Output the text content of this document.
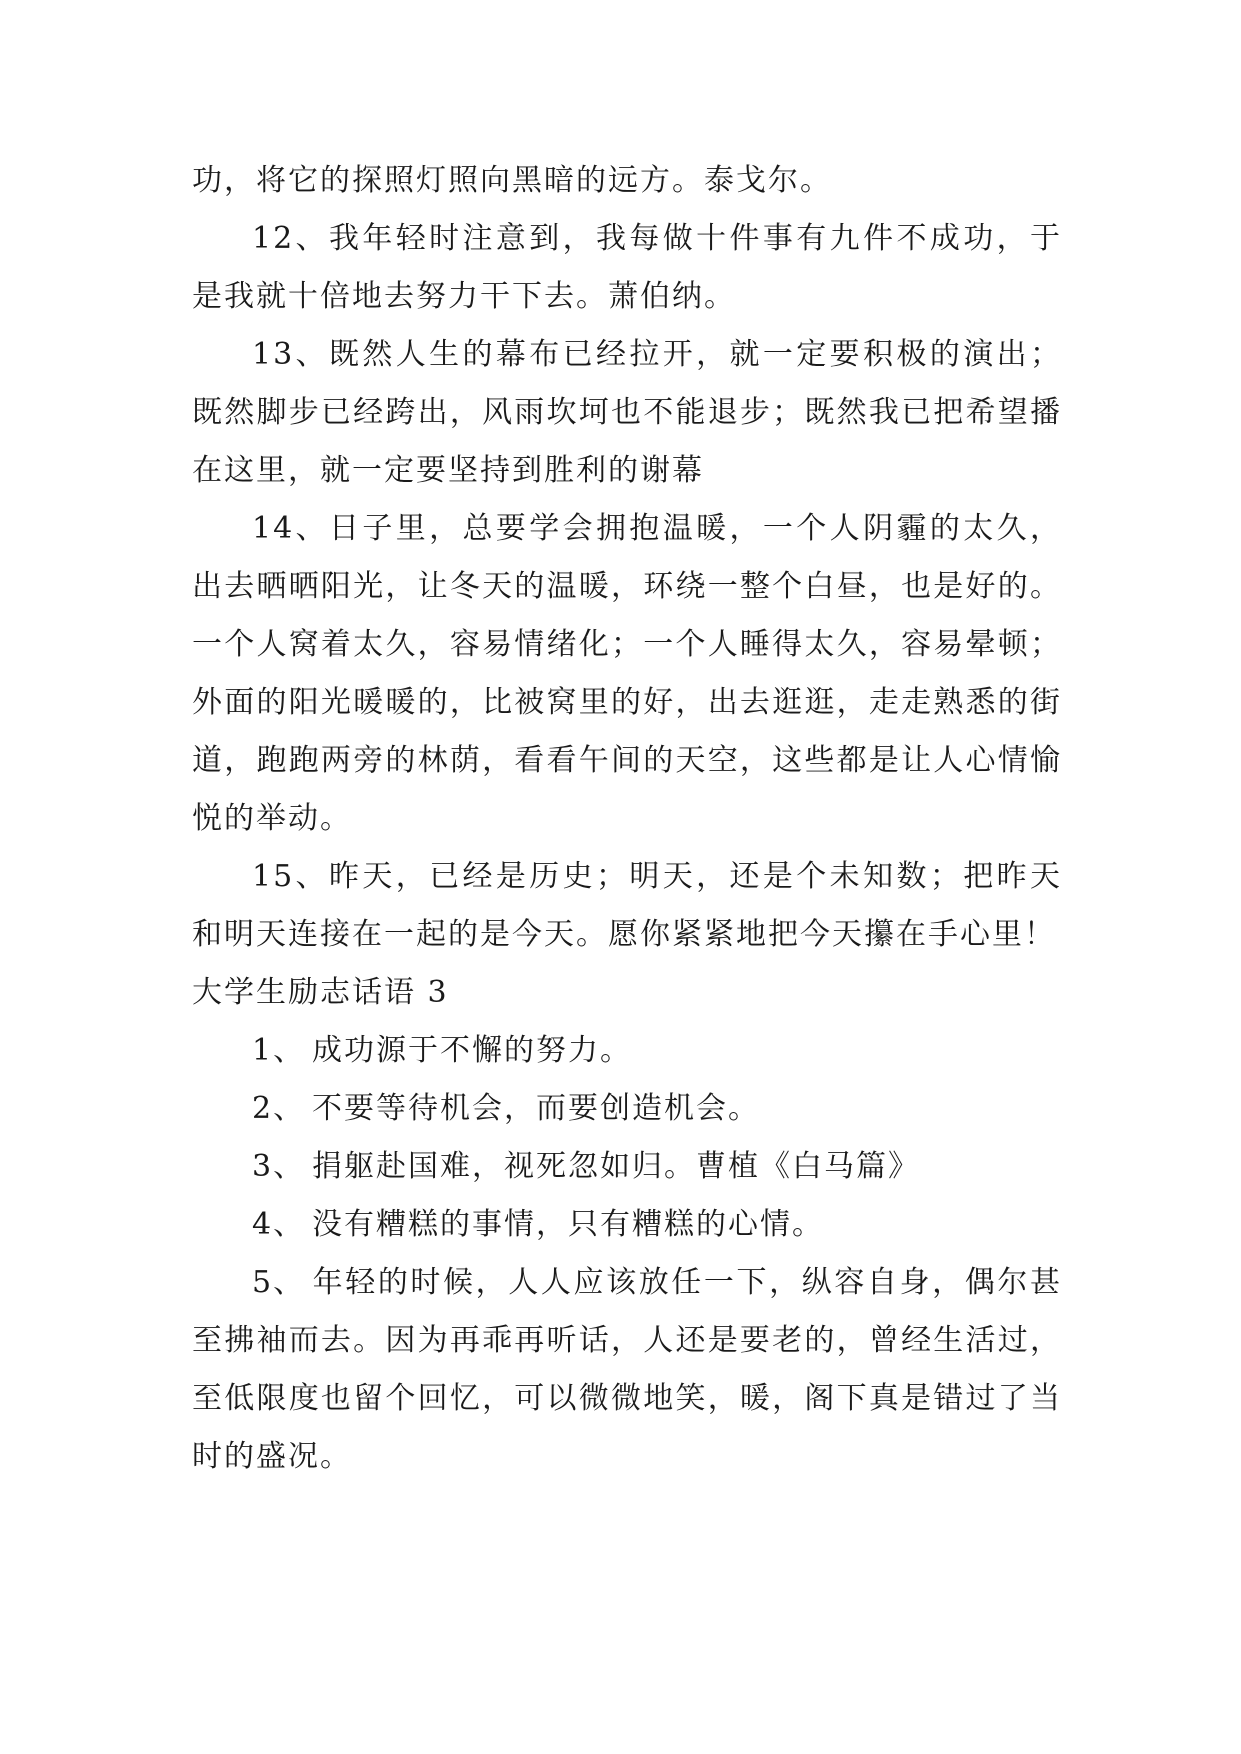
功，将它的探照灯照向黑暗的远方。泰戈尔。

12、我年轻时注意到，我每做十件事有九件不成功，于是我就十倍地去努力干下去。萧伯纳。

13、既然人生的幕布已经拉开，就一定要积极的演出；既然脚步已经跨出，风雨坎坷也不能退步；既然我已把希望播在这里，就一定要坚持到胜利的谢幕

14、日子里，总要学会拥抱温暖，一个人阴霾的太久，出去晒晒阳光，让冬天的温暖，环绕一整个白昼，也是好的。一个人窝着太久，容易情绪化；一个人睡得太久，容易晕顿；外面的阳光暖暖的，比被窝里的好，出去逛逛，走走熟悉的街道，跑跑两旁的林荫，看看午间的天空，这些都是让人心情愉悦的举动。

15、昨天，已经是历史；明天，还是个未知数；把昨天和明天连接在一起的是今天。愿你紧紧地把今天攥在手心里！

大学生励志话语 3

1、 成功源于不懈的努力。

2、 不要等待机会，而要创造机会。

3、 捐躯赴国难，视死忽如归。曹植《白马篇》

4、 没有糟糕的事情，只有糟糕的心情。

5、 年轻的时候，人人应该放任一下，纵容自身，偶尔甚至拂袖而去。因为再乖再听话，人还是要老的，曾经生活过，至低限度也留个回忆，可以微微地笑，暖，阁下真是错过了当时的盛况。
